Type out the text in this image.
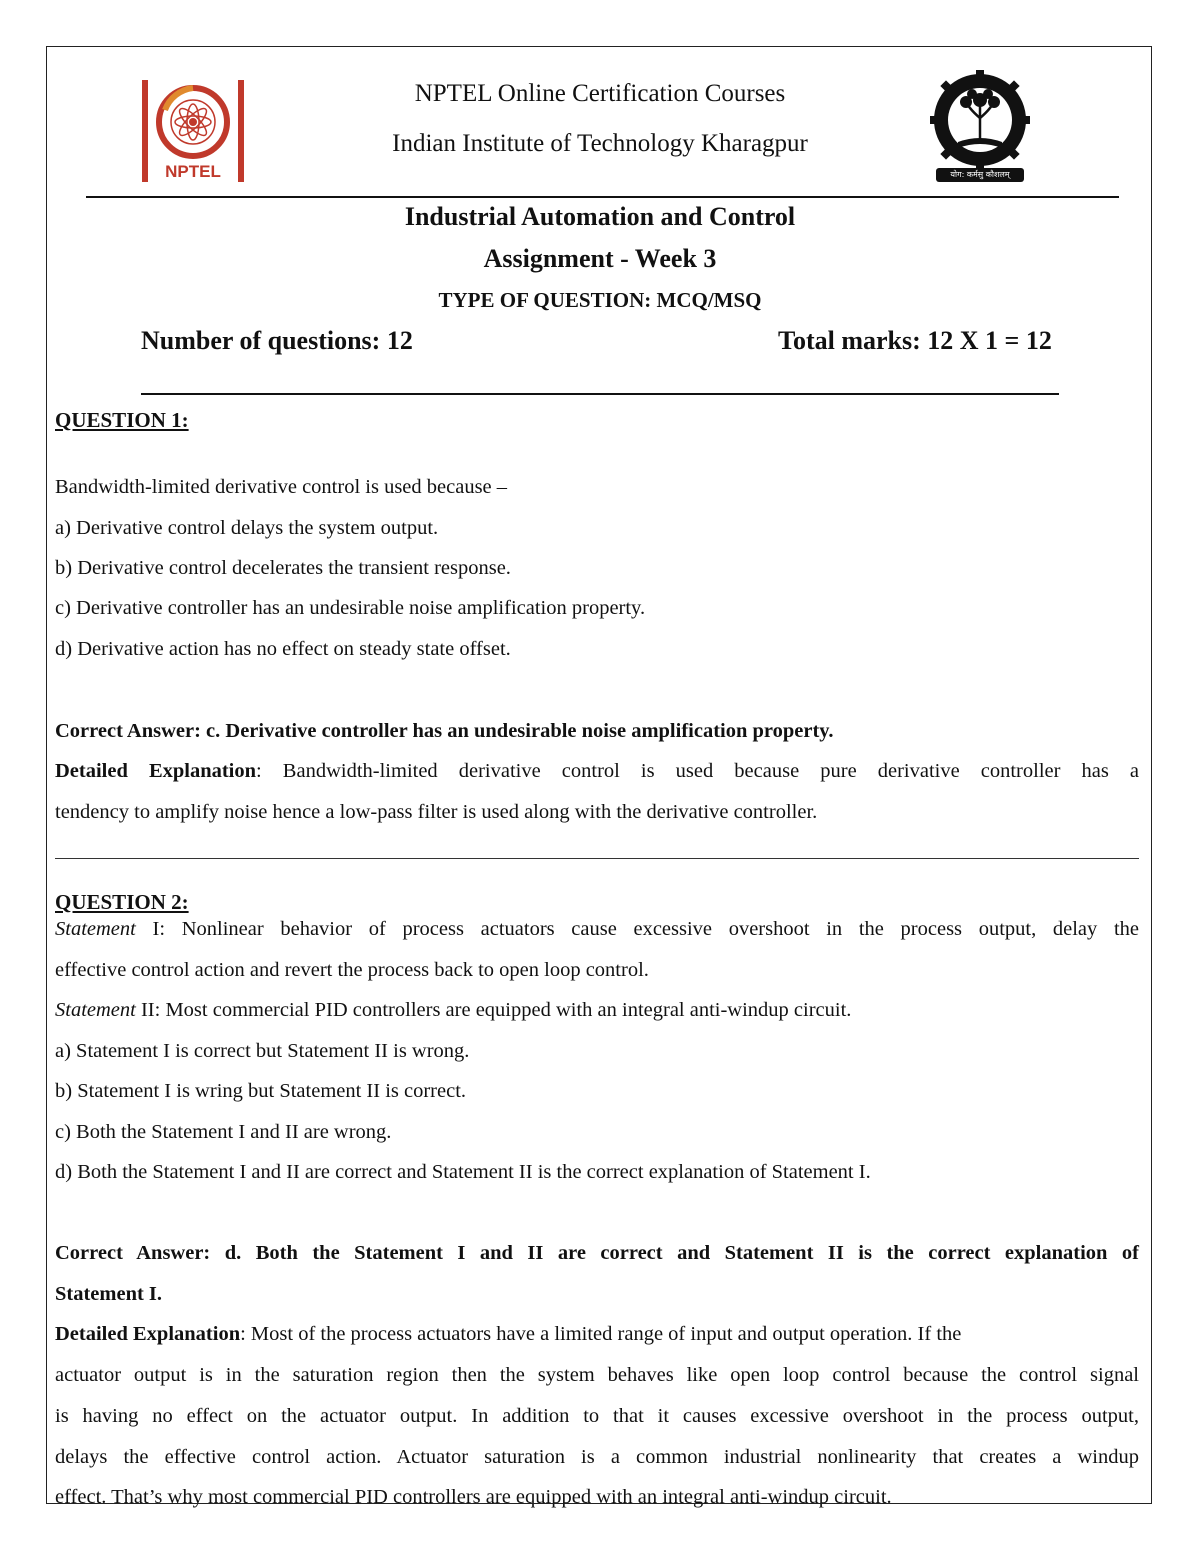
NPTEL
NPTEL Online Certification Courses
Indian Institute of Technology Kharagpur
योग: कर्मसु कौशलम्
Industrial Automation and Control
Assignment - Week 3
TYPE OF QUESTION: MCQ/MSQ
Number of questions: 12	Total marks: 12 X 1 = 12
QUESTION 1:
Bandwidth-limited derivative control is used because –
a) Derivative control delays the system output.
b) Derivative control decelerates the transient response.
c) Derivative controller has an undesirable noise amplification property.
d) Derivative action has no effect on steady state offset.
Correct Answer: c. Derivative controller has an undesirable noise amplification property.
Detailed Explanation: Bandwidth-limited derivative control is used because pure derivative controller has a
tendency to amplify noise hence a low-pass filter is used along with the derivative controller.
QUESTION 2:
Statement I: Nonlinear behavior of process actuators cause excessive overshoot in the process output, delay the
effective control action and revert the process back to open loop control.
Statement II: Most commercial PID controllers are equipped with an integral anti-windup circuit.
a) Statement I is correct but Statement II is wrong.
b) Statement I is wring but Statement II is correct.
c) Both the Statement I and II are wrong.
d) Both the Statement I and II are correct and Statement II is the correct explanation of Statement I.
Correct Answer: d. Both the Statement I and II are correct and Statement II is the correct explanation of
Statement I.
Detailed Explanation: Most of the process actuators have a limited range of input and output operation. If the
actuator output is in the saturation region then the system behaves like open loop control because the control signal
is having no effect on the actuator output. In addition to that it causes excessive overshoot in the process output,
delays the effective control action. Actuator saturation is a common industrial nonlinearity that creates a windup
effect. That’s why most commercial PID controllers are equipped with an integral anti-windup circuit.
